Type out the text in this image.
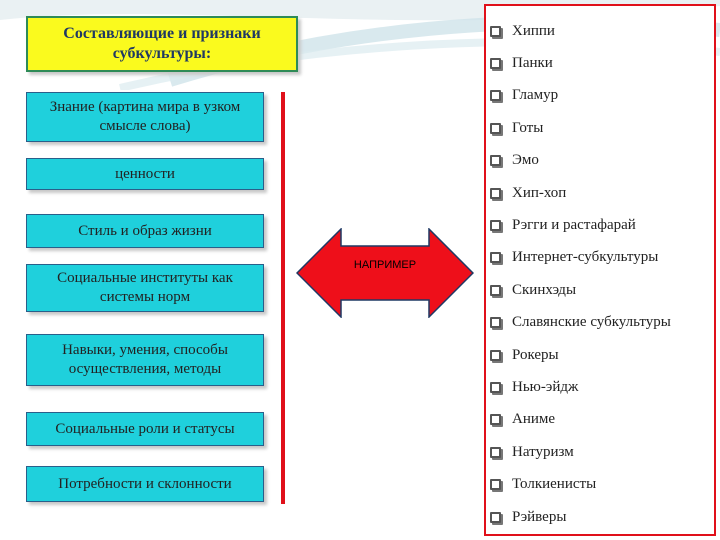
Составляющие и признаки субкультуры:
Знание (картина мира в узком смысле слова)
ценности
Стиль и образ жизни
Социальные институты как системы норм
Навыки, умения, способы осуществления, методы
Социальные роли и статусы
Потребности и склонности
НАПРИМЕР
Хиппи
Панки
Гламур
Готы
Эмо
Хип-хоп
Рэгги и растафарай
Интернет-субкультуры
Скинхэды
Славянские субкультуры
Рокеры
Нью-эйдж
Аниме
Натуризм
Толкиенисты
Рэйверы
